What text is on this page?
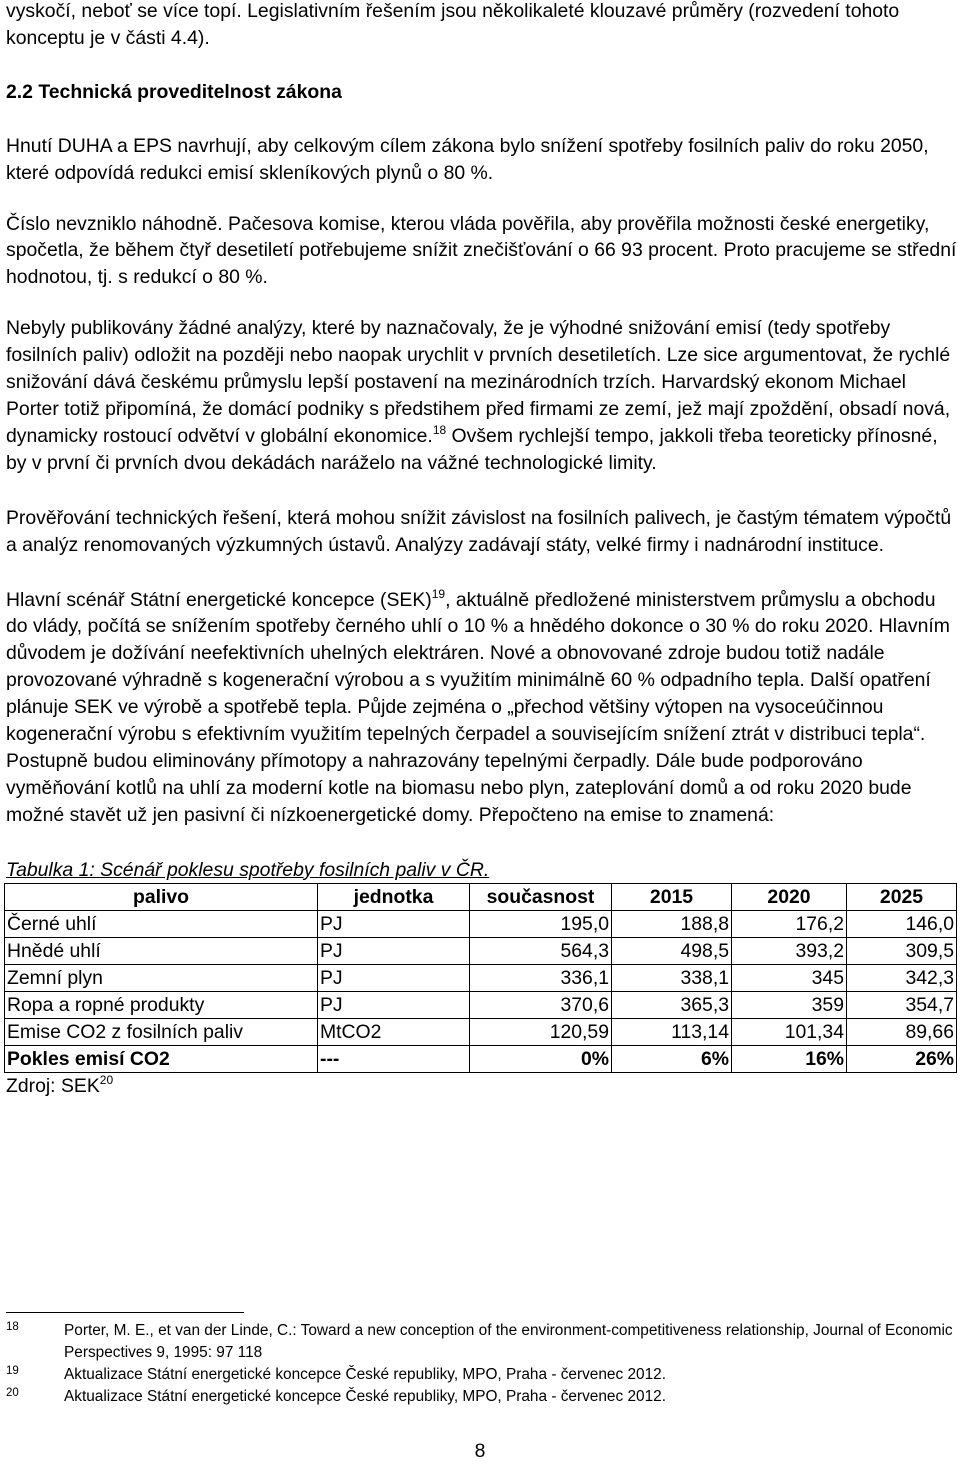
vyskočí, neboť se více topí. Legislativním řešením jsou několikaleté klouzavé průměry (rozvedení tohoto konceptu je v části 4.4).

2.2 Technická proveditelnost zákona

Hnutí DUHA a EPS navrhují, aby celkovým cílem zákona bylo snížení spotřeby fosilních paliv do roku 2050, které odpovídá redukci emisí skleníkových plynů o 80 %.

Číslo nevzniklo náhodně. Pačesova komise, kterou vláda pověřila, aby prověřila možnosti české energetiky, spočetla, že během čtyř desetiletí potřebujeme snížit znečišťování o 66 93 procent. Proto pracujeme se střední hodnotou, tj. s redukcí o 80 %.

Nebyly publikovány žádné analýzy, které by naznačovaly, že je výhodné snižování emisí (tedy spotřeby fosilních paliv) odložit na později nebo naopak urychlit v prvních desetiletích. Lze sice argumentovat, že rychlé snižování dává českému průmyslu lepší postavení na mezinárodních trzích. Harvardský ekonom Michael Porter totiž připomíná, že domácí podniky s předstihem před firmami ze zemí, jež mají zpoždění, obsadí nová, dynamicky rostoucí odvětví v globální ekonomice.$^{18}$ Ovšem rychlejší tempo, jakkoli třeba teoreticky přínosné, by v první či prvních dvou dekádách naráželo na vážné technologické limity.

Prověřování technických řešení, která mohou snížit závislost na fosilních palivech, je častým tématem výpočtů a analýz renomovaných výzkumných ústavů. Analýzy zadávají státy, velké firmy i nadnárodní instituce.

Hlavní scénář Státní energetické koncepce (SEK)$^{19}$, aktuálně předložené ministerstvem průmyslu a obchodu do vlády, počítá se snížením spotřeby černého uhlí o 10 % a hnědého dokonce o 30 % do roku 2020. Hlavním důvodem je dožívání neefektivních uhelných elektráren. Nové a obnovované zdroje budou totiž nadále provozované výhradně s kogenerační výrobou a s využitím minimálně 60 % odpadního tepla. Další opatření plánuje SEK ve výrobě a spotřebě tepla. Půjde zejména o „přechod většiny výtopen na vysoceúčinnou kogenerační výrobu s efektivním využitím tepelných čerpadel a souvisejícím snížení ztrát v distribuci tepla“. Postupně budou eliminovány přímotopy a nahrazovány tepelnými čerpadly. Dále bude podporováno vyměňování kotlů na uhlí za moderní kotle na biomasu nebo plyn, zateplování domů a od roku 2020 bude možné stavět už jen pasivní či nízkoenergetické domy. Přepočteno na emise to znamená:

Tabulka 1: Scénář poklesu spotřeby fosilních paliv v ČR.

palivo	jednotka	současnost	2015	2020	2025
Černé uhlí	PJ	195,0	188,8	176,2	146,0
Hnědé uhlí	PJ	564,3	498,5	393,2	309,5
Zemní plyn	PJ	336,1	338,1	345	342,3
Ropa a ropné produkty	PJ	370,6	365,3	359	354,7
Emise CO2 z fosilních paliv	MtCO2	120,59	113,14	101,34	89,66
Pokles emisí CO2	---	0%	6%	16%	26%

Zdroj: SEK$^{20}$

18	Porter, M. E., et van der Linde, C.: Toward a new conception of the environment-competitiveness relationship, Journal of Economic Perspectives 9, 1995: 97 118

19	Aktualizace Státní energetické koncepce České republiky, MPO, Praha - červenec 2012.

20	Aktualizace Státní energetické koncepce České republiky, MPO, Praha - červenec 2012.

8
